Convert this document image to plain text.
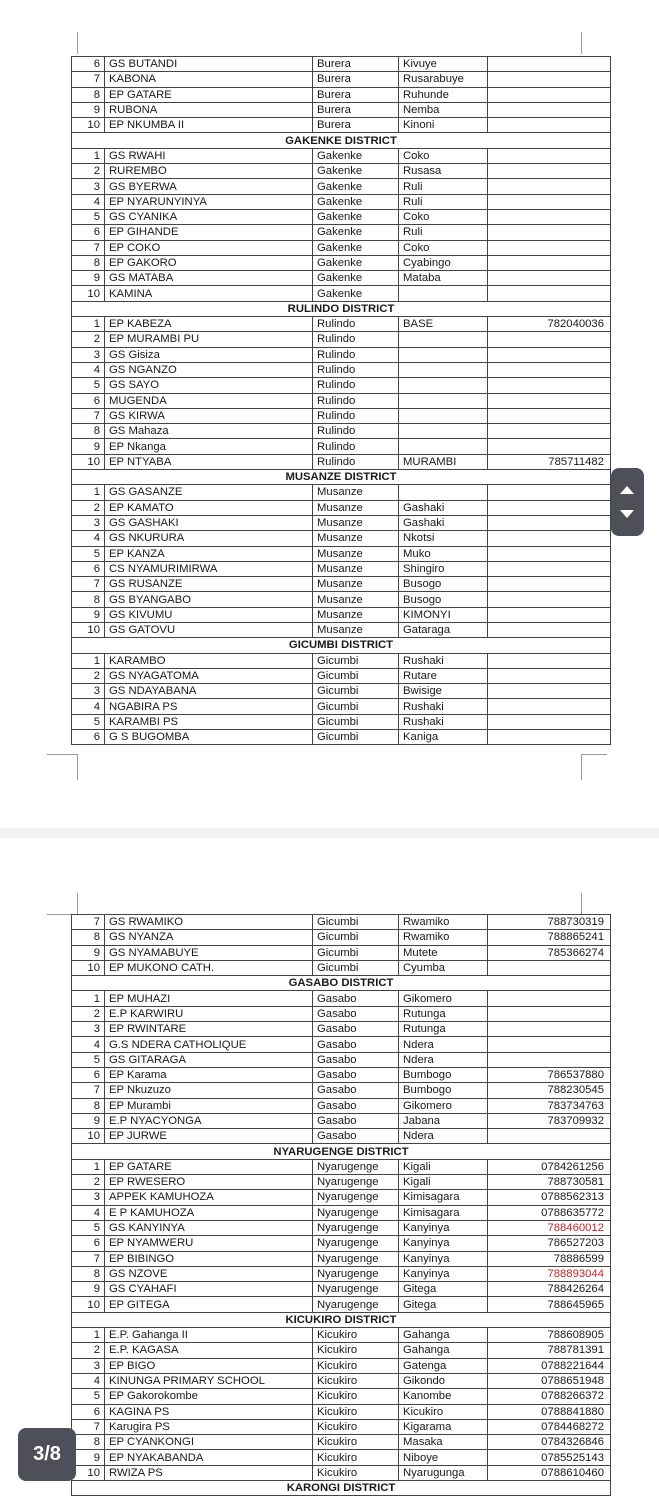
6	GS BUTANDI	Burera	Kivuye	
7	KABONA	Burera	Rusarabuye	
8	EP GATARE	Burera	Ruhunde	
9	RUBONA	Burera	Nemba	
10	EP NKUMBA II	Burera	Kinoni	
GAKENKE DISTRICT				
1	GS RWAHI	Gakenke	Coko	
2	RUREMBO	Gakenke	Rusasa	
3	GS BYERWA	Gakenke	Ruli	
4	EP NYARUNYINYA	Gakenke	Ruli	
5	GS CYANIKA	Gakenke	Coko	
6	EP GIHANDE	Gakenke	Ruli	
7	EP COKO	Gakenke	Coko	
8	EP GAKORO	Gakenke	Cyabingo	
9	GS MATABA	Gakenke	Mataba	
10	KAMINA	Gakenke		
RULINDO DISTRICT				
1	EP KABEZA	Rulindo	BASE	782040036
2	EP MURAMBI PU	Rulindo		
3	GS Gisiza	Rulindo		
4	GS NGANZO	Rulindo		
5	GS SAYO	Rulindo		
6	MUGENDA	Rulindo		
7	GS KIRWA	Rulindo		
8	GS Mahaza	Rulindo		
9	EP Nkanga	Rulindo		
10	EP NTYABA	Rulindo	MURAMBI	785711482
MUSANZE DISTRICT				
1	GS GASANZE	Musanze		
2	EP KAMATO	Musanze	Gashaki	
3	GS GASHAKI	Musanze	Gashaki	
4	GS NKURURA	Musanze	Nkotsi	
5	EP KANZA	Musanze	Muko	
6	CS NYAMURIMIRWA	Musanze	Shingiro	
7	GS RUSANZE	Musanze	Busogo	
8	GS BYANGABO	Musanze	Busogo	
9	GS KIVUMU	Musanze	KIMONYI	
10	GS GATOVU	Musanze	Gataraga	
GICUMBI DISTRICT				
1	KARAMBO	Gicumbi	Rushaki	
2	GS NYAGATOMA	Gicumbi	Rutare	
3	GS NDAYABANA	Gicumbi	Bwisige	
4	NGABIRA PS	Gicumbi	Rushaki	
5	KARAMBI PS	Gicumbi	Rushaki	
6	G S BUGOMBA	Gicumbi	Kaniga	
7	GS RWAMIKO	Gicumbi	Rwamiko	788730319
8	GS NYANZA	Gicumbi	Rwamiko	788865241
9	GS NYAMABUYE	Gicumbi	Mutete	785366274
10	EP MUKONO CATH.	Gicumbi	Cyumba	
GASABO DISTRICT				
1	EP MUHAZI	Gasabo	Gikomero	
2	E.P KARWIRU	Gasabo	Rutunga	
3	EP RWINTARE	Gasabo	Rutunga	
4	G.S NDERA CATHOLIQUE	Gasabo	Ndera	
5	GS GITARAGA	Gasabo	Ndera	
6	EP Karama	Gasabo	Bumbogo	786537880
7	EP Nkuzuzo	Gasabo	Bumbogo	788230545
8	EP Murambi	Gasabo	Gikomero	783734763
9	E.P NYACYONGA	Gasabo	Jabana	783709932
10	EP JURWE	Gasabo	Ndera	
NYARUGENGE DISTRICT				
1	EP GATARE	Nyarugenge	Kigali	0784261256
2	EP RWESERO	Nyarugenge	Kigali	788730581
3	APPEK KAMUHOZA	Nyarugenge	Kimisagara	0788562313
4	E P KAMUHOZA	Nyarugenge	Kimisagara	0788635772
5	GS KANYINYA	Nyarugenge	Kanyinya	788460012
6	EP NYAMWERU	Nyarugenge	Kanyinya	786527203
7	EP BIBINGO	Nyarugenge	Kanyinya	78886599
8	GS NZOVE	Nyarugenge	Kanyinya	788893044
9	GS CYAHAFI	Nyarugenge	Gitega	788426264
10	EP GITEGA	Nyarugenge	Gitega	788645965
KICUKIRO DISTRICT				
1	E.P. Gahanga II	Kicukiro	Gahanga	788608905
2	E.P. KAGASA	Kicukiro	Gahanga	788781391
3	EP BIGO	Kicukiro	Gatenga	0788221644
4	KINUNGA PRIMARY SCHOOL	Kicukiro	Gikondo	0788651948
5	EP Gakorokombe	Kicukiro	Kanombe	0788266372
6	KAGINA PS	Kicukiro	Kicukiro	0788841880
7	Karugira PS	Kicukiro	Kigarama	0784468272
8	EP CYANKONGI	Kicukiro	Masaka	0784326846
9	EP NYAKABANDA	Kicukiro	Niboye	0785525143
10	RWIZA PS	Kicukiro	Nyarugunga	0788610460
KARONGI DISTRICT				
3/8
